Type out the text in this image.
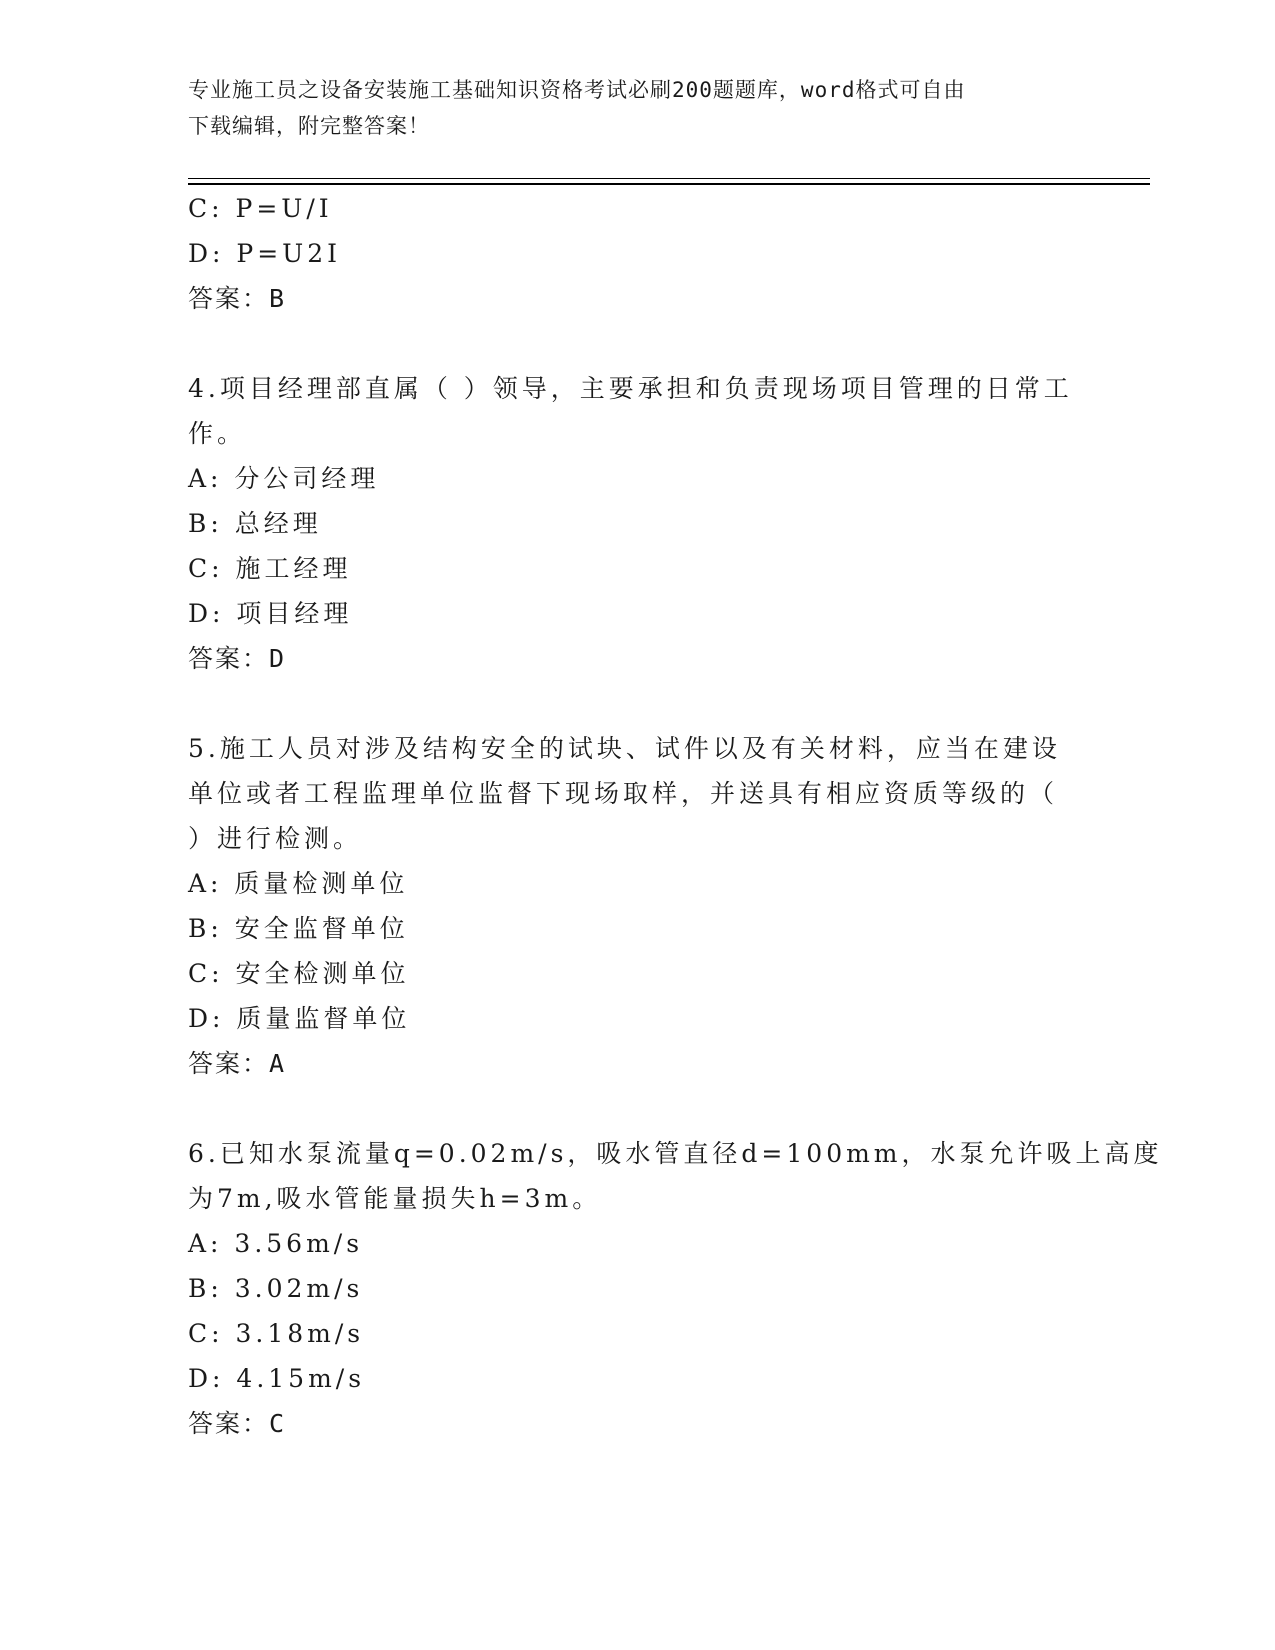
专业施工员之设备安装施工基础知识资格考试必刷200题题库，word格式可自由
下载编辑，附完整答案！
C: P=U/I
D: P=U2I
答案：B
4.项目经理部直属（ ）领导，主要承担和负责现场项目管理的日常工
作。
A: 分公司经理
B: 总经理
C: 施工经理
D: 项目经理
答案：D
5.施工人员对涉及结构安全的试块、试件以及有关材料，应当在建设
单位或者工程监理单位监督下现场取样，并送具有相应资质等级的（
）进行检测。
A: 质量检测单位
B: 安全监督单位
C: 安全检测单位
D: 质量监督单位
答案：A
6.已知水泵流量q=0.02m/s，吸水管直径d=100mm，水泵允许吸上高度
为7m,吸水管能量损失h=3m。
A: 3.56m/s
B: 3.02m/s
C: 3.18m/s
D: 4.15m/s
答案：C
